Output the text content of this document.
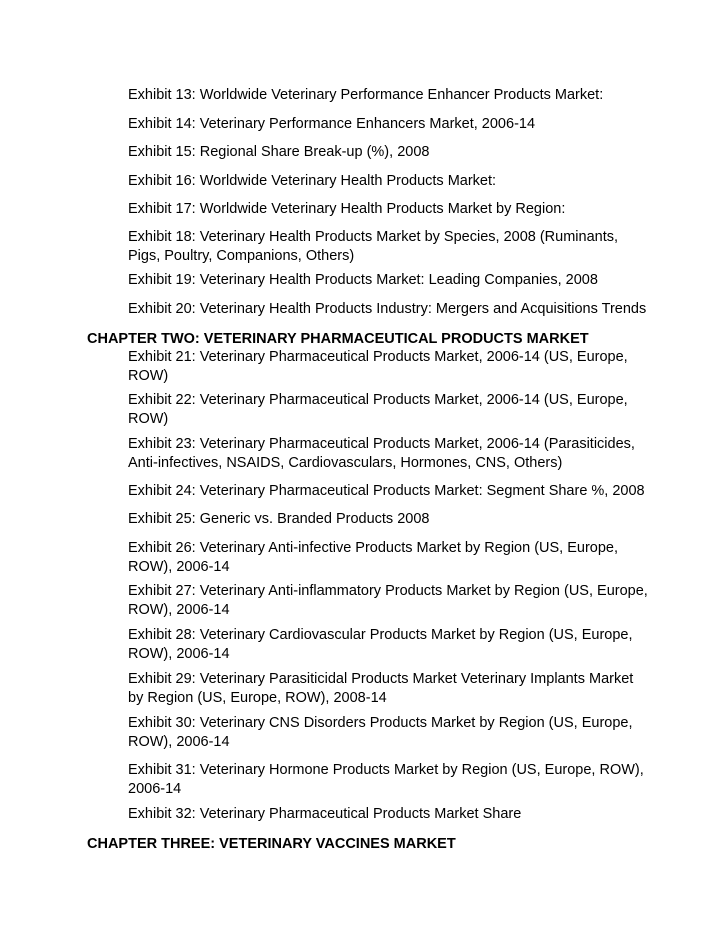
Exhibit 13: Worldwide Veterinary Performance Enhancer Products Market:

Exhibit 14: Veterinary Performance Enhancers Market, 2006-14

Exhibit 15: Regional Share Break-up (%), 2008

Exhibit 16: Worldwide Veterinary Health Products Market:

Exhibit 17: Worldwide Veterinary Health Products Market by Region:

Exhibit 18: Veterinary Health Products Market by Species, 2008 (Ruminants,
Pigs, Poultry, Companions, Others)

Exhibit 19: Veterinary Health Products Market: Leading Companies, 2008

Exhibit 20: Veterinary Health Products Industry: Mergers and Acquisitions Trends

CHAPTER TWO: VETERINARY PHARMACEUTICAL PRODUCTS MARKET

Exhibit 21: Veterinary Pharmaceutical Products Market, 2006-14 (US, Europe,
ROW)

Exhibit 22: Veterinary Pharmaceutical Products Market, 2006-14 (US, Europe,
ROW)

Exhibit 23: Veterinary Pharmaceutical Products Market, 2006-14 (Parasiticides,
Anti-infectives, NSAIDS, Cardiovasculars, Hormones, CNS, Others)

Exhibit 24: Veterinary Pharmaceutical Products Market: Segment Share %, 2008

Exhibit 25: Generic vs. Branded Products 2008

Exhibit 26: Veterinary Anti-infective Products Market by Region (US, Europe,
ROW), 2006-14

Exhibit 27: Veterinary Anti-inflammatory Products Market by Region (US, Europe,
ROW), 2006-14

Exhibit 28: Veterinary Cardiovascular Products Market by Region (US, Europe,
ROW), 2006-14

Exhibit 29: Veterinary Parasiticidal Products Market Veterinary Implants Market
by Region (US, Europe, ROW), 2008-14

Exhibit 30: Veterinary CNS Disorders Products Market by Region (US, Europe,
ROW), 2006-14

Exhibit 31: Veterinary Hormone Products Market by Region (US, Europe, ROW),
2006-14

Exhibit 32: Veterinary Pharmaceutical Products Market Share

CHAPTER THREE: VETERINARY VACCINES MARKET
